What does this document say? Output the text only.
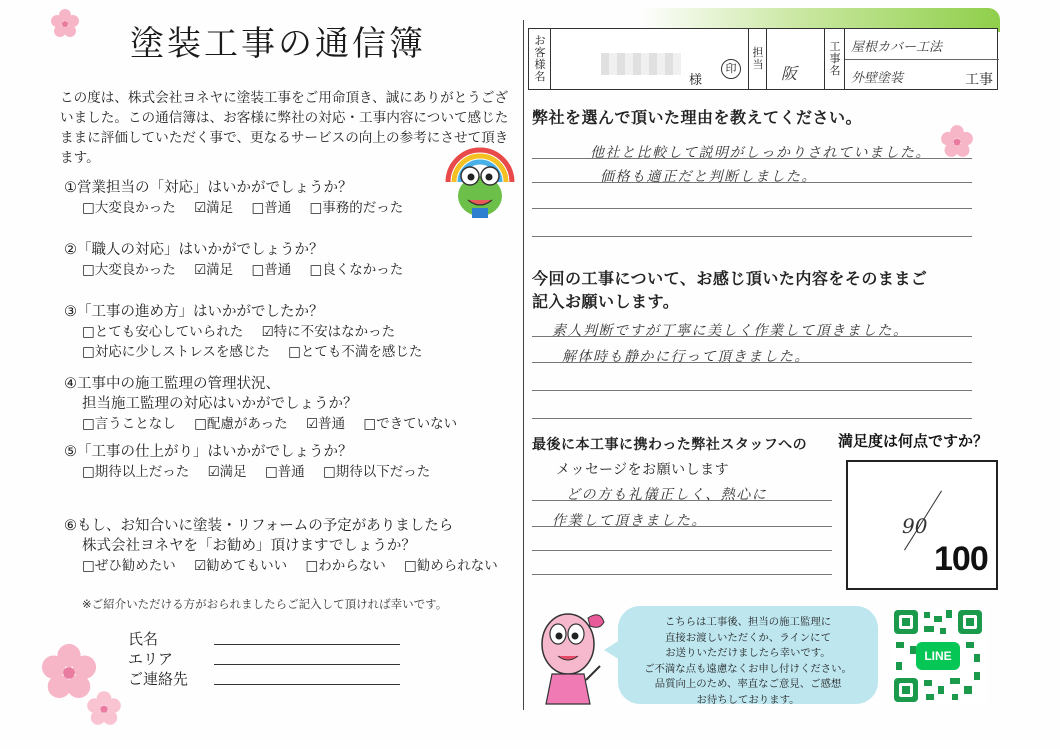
塗装工事の通信簿
この度は、株式会社ヨネヤに塗装工事をご用命頂き、誠にありがとうございました。この通信簿は、お客様に弊社の対応・工事内容について感じたままに評価していただく事で、更なるサービスの向上の参考にさせて頂きます。
①営業担当の「対応」はいかがでしょうか？
□大変良かった ☑満足 □普通 □事務的だった
②「職人の対応」はいかがでしょうか？
□大変良かった ☑満足 □普通 □良くなかった
③「工事の進め方」はいかがでしたか？
□とても安心していられた ☑特に不安はなかった
□対応に少しストレスを感じた □とても不満を感じた
④工事中の施工監理の管理状況、
担当施工監理の対応はいかがでしょうか？
□言うことなし □配慮があった ☑普通 □できていない
⑤「工事の仕上がり」はいかがでしょうか？
□期待以上だった ☑満足 □普通 □期待以下だった
⑥もし、お知合いに塗装・リフォームの予定がありましたら
株式会社ヨネヤを「お勧め」頂けますでしょうか？
□ぜひ勧めたい ☑勧めてもいい □わからない □勧められない
※ご紹介いただける方がおられましたらご記入して頂ければ幸いです。
氏名
エリア
ご連絡先
お客様名	様
印
担当 阪
工事名
屋根カバー工法
外壁塗装	工事
弊社を選んで頂いた理由を教えてください。
他社と比較して説明がしっかりされていました。
価格も適正だと判断しました。
今回の工事について、お感じ頂いた内容をそのままご
記入お願いします。
素人判断ですが丁寧に美しく作業して頂きました。
解体時も静かに行って頂きました。
最後に本工事に携わった弊社スタッフへの
メッセージをお願いします
どの方も礼儀正しく、熱心に
作業して頂きました。
満足度は何点ですか？
90
100
こちらは工事後、担当の施工監理に
直接お渡しいただくか、ラインにて
お送りいただけましたら幸いです。
ご不満な点も遠慮なくお申し付けください。
品質向上のため、率直なご意見、ご感想
お待ちしております。
LINE
